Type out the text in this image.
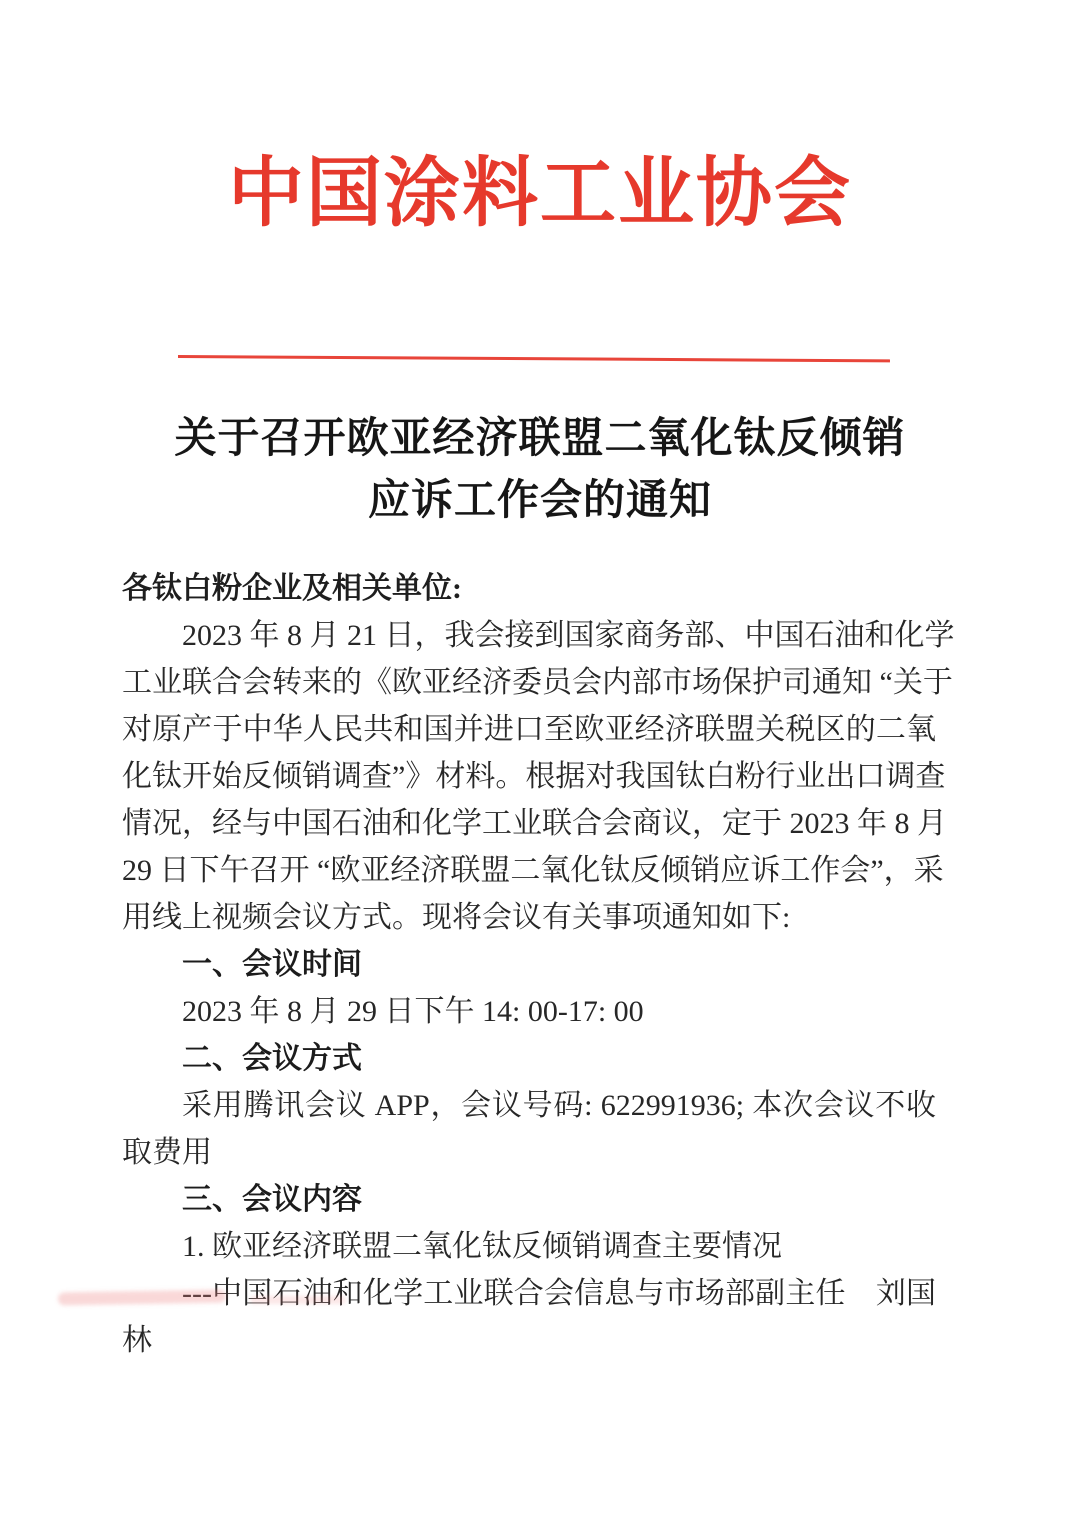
中国涂料工业协会
关于召开欧亚经济联盟二氧化钛反倾销
应诉工作会的通知
各钛白粉企业及相关单位:
2023 年 8 月 21 日，我会接到国家商务部、中国石油和化学
工业联合会转来的《欧亚经济委员会内部市场保护司通知 “关于
对原产于中华人民共和国并进口至欧亚经济联盟关税区的二氧
化钛开始反倾销调查”》材料。根据对我国钛白粉行业出口调查
情况，经与中国石油和化学工业联合会商议，定于 2023 年 8 月
29 日下午召开 “欧亚经济联盟二氧化钛反倾销应诉工作会”，采
用线上视频会议方式。现将会议有关事项通知如下:
一、会议时间
2023 年 8 月 29 日下午 14: 00-17: 00
二、会议方式
采用腾讯会议 APP，会议号码: 622991936; 本次会议不收
取费用
三、会议内容
1. 欧亚经济联盟二氧化钛反倾销调查主要情况
---中国石油和化学工业联合会信息与市场部副主任　刘国
林
